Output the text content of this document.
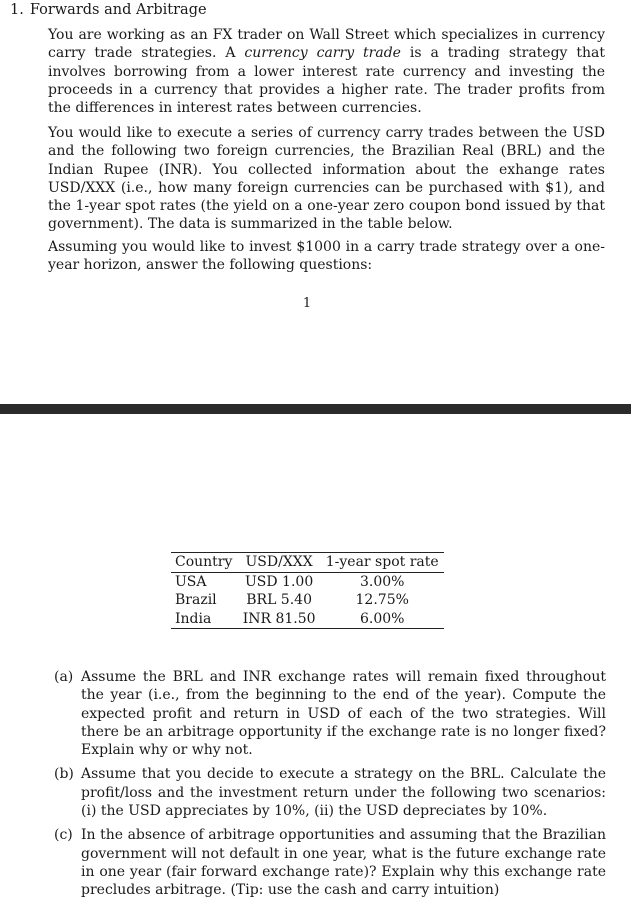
1. Forwards and Arbitrage

You are working as an FX trader on Wall Street which specializes in currency carry trade strategies. A currency carry trade is a trading strategy that involves borrowing from a lower interest rate currency and investing the proceeds in a currency that provides a higher rate. The trader profits from the differences in interest rates between currencies.

You would like to execute a series of currency carry trades between the USD and the following two foreign currencies, the Brazilian Real (BRL) and the Indian Rupee (INR). You collected information about the exhange rates USD/XXX (i.e., how many foreign currencies can be purchased with $1), and the 1-year spot rates (the yield on a one-year zero coupon bond issued by that government). The data is summarized in the table below.

Assuming you would like to invest $1000 in a carry trade strategy over a one-year horizon, answer the following questions:

1
Country	USD/XXX	1-year spot rate
USA	USD 1.00	3.00%
Brazil	BRL 5.40	12.75%
India	INR 81.50	6.00%
(a) Assume the BRL and INR exchange rates will remain fixed throughout the year (i.e., from the beginning to the end of the year). Compute the expected profit and return in USD of each of the two strategies. Will there be an arbitrage opportunity if the exchange rate is no longer fixed? Explain why or why not.
(b) Assume that you decide to execute a strategy on the BRL. Calculate the profit/loss and the investment return under the following two scenarios: (i) the USD appreciates by 10%, (ii) the USD depreciates by 10%.
(c) In the absence of arbitrage opportunities and assuming that the Brazilian government will not default in one year, what is the future exchange rate in one year (fair forward exchange rate)? Explain why this exchange rate precludes arbitrage. (Tip: use the cash and carry intuition)
